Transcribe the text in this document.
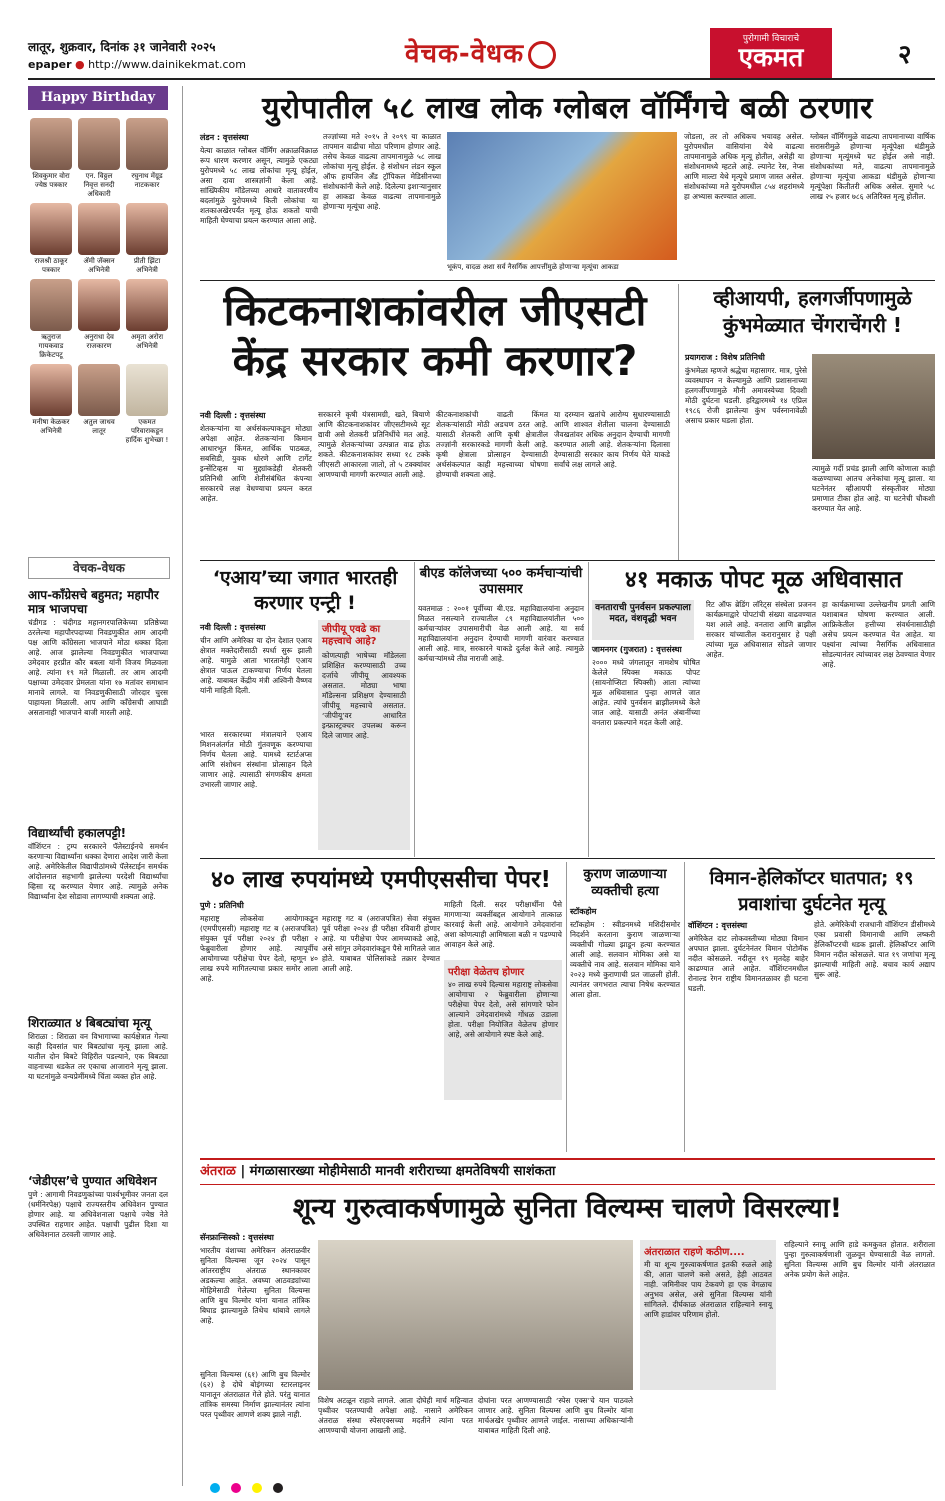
लातूर, शुक्रवार, दिनांक ३१ जानेवारी २०२५
epaper ● http://www.dainikekmat.com	वेचक-वेधक	पुरोगामी विचाराचे
एकमत	२
Happy Birthday
शिवकुमार वोरा
ज्येष्ठ पत्रकार
एन. विठ्ठल
निवृत्त सनदी अधिकारी
रघुनाथ मेंग्रूड
नाटककार
राजश्री ठाकूर
पत्रकार
ॲमी जॅक्सन
अभिनेत्री
प्रीती झिंटा
अभिनेत्री
ऋतुराज गायकवाड
क्रिकेटपटू
अनुराधा देव
राजकारण
अमृता अरोरा
अभिनेत्री
मनीषा केळकर
अभिनेत्री
अतुल जाधव
लातूर
एकमत परिवाराकडून
हार्दिक शुभेच्छा !
वेचक-वेधक
आप-कॉंग्रेसचे बहुमत; महापौर मात्र भाजपचा

चंडीगड : चंदीगड महानगरपालिकेच्या प्रतिष्ठेच्या ठरलेल्या महापौरपदाच्या निवडणुकीत आम आदमी पक्ष आणि काँग्रेसला भाजपाने मोठा धक्का दिला आहे. आज झालेल्या निवडणुकीत भाजपाच्या उमेदवार हरप्रीत कौर बबला यांनी विजय मिळवला आहे. त्यांना १९ मते मिळाली. तर आम आदमी पक्षाच्या उमेदवार प्रेमलता यांना १७ मतांवर समाधान मानावे लागले. या निवडणुकीसाठी जोरदार चुरस पाहायला मिळाली. आप आणि काँग्रेसची आघाडी असतानाही भाजपाने बाजी मारली आहे.

विद्यार्थ्यांची हकालपट्टी!

वॉशिंग्टन : ट्रम्प सरकारने पॅलेस्टाईनचे समर्थन करणाऱ्या विद्यार्थ्यांना धक्का देणारा आदेश जारी केला आहे. अमेरिकेतील विद्यापीठांमध्ये पॅलेस्टाईन समर्थक आंदोलनात सहभागी झालेल्या परदेशी विद्यार्थ्यांचा व्हिसा रद्द करण्यात येणार आहे. त्यामुळे अनेक विद्यार्थ्यांना देश सोडावा लागण्याची शक्यता आहे.

शिराळ्यात ४ बिबट्यांचा मृत्यू

शिराळा : शिराळा वन विभागाच्या कार्यक्षेत्रात गेल्या काही दिवसांत चार बिबट्यांचा मृत्यू झाला आहे. यातील दोन बिबटे विहिरीत पडल्याने, एक बिबट्या वाहनाच्या धडकेत तर एकाचा आजाराने मृत्यू झाला. या घटनांमुळे वन्यप्रेमींमध्ये चिंता व्यक्त होत आहे.

‘जेडीएस’चे पुण्यात अधिवेशन

पुणे : आगामी निवडणुकांच्या पार्श्वभूमीवर जनता दल (धर्मनिरपेक्ष) पक्षाचे राज्यस्तरीय अधिवेशन पुण्यात होणार आहे. या अधिवेशनाला पक्षाचे ज्येष्ठ नेते उपस्थित राहणार आहेत. पक्षाची पुढील दिशा या अधिवेशनात ठरवली जाणार आहे.

युरोपातील ५८ लाख लोक ग्लोबल वॉर्मिंगचे बळी ठरणार
लंडन : वृत्तसंस्था
येत्या काळात ग्लोबल वॉर्मिंग अक्राळविक्राळ रूप धारण करणार असून, त्यामुळे एकट्या युरोपमध्ये ५८ लाख लोकांचा मृत्यू होईल, असा दावा शास्त्रज्ञांनी केला आहे. सांख्यिकीय मॉडेलच्या आधारे वातावरणीय बदलांमुळे युरोपमध्ये किती लोकांचा या शतकाअखेरपर्यंत मृत्यू होऊ शकतो याची माहिती घेण्याचा प्रयत्न करण्यात आला आहे.
तज्ज्ञांच्या मते २०१५ ते २०९९ या काळात तापमान वाढीचा मोठा परिणाम होणार आहे. तसेच केवळ वाढत्या तापमानामुळे ५८ लाख लोकांचा मृत्यू होईल. हे संशोधन लंडन स्कूल ऑफ हायजिन अँड ट्रॉपिकल मेडिसीनच्या संशोधकांनी केले आहे. दिलेल्या इशाऱ्यानुसार हा आकडा केवळ वाढत्या तापमानामुळे होणाऱ्या मृत्यूंचा आहे.
भूकंप, वादळ अशा सर्व नैसर्गिक आपत्तींमुळे होणाऱ्या मृत्यूंचा आकडा
जोडला, तर तो अधिकच भयावह असेल. युरोपमधील वासियांना येथे वाढत्या तापमानामुळे अधिक मृत्यू होतील, असेही या संशोधनामध्ये म्हटले आहे. ल्यानेट रेस, नेप्स आणि माल्टा येथे मृत्यूचे प्रमाण जास्त असेल. संशोधकांच्या मते युरोपमधील ८५४ शहरांमध्ये हा अभ्यास करण्यात आला.
ग्लोबल वॉर्मिंगमुळे वाढत्या तापमानाच्या वार्षिक सरासरीमुळे होणाऱ्या मृत्यूंपेक्षा थंडीमुळे होणाऱ्या मृत्यूंमध्ये घट होईल असे नाही. संशोधकांच्या मते, वाढत्या तापमानामुळे होणाऱ्या मृत्यूंचा आकडा थंडीमुळे होणाऱ्या मृत्यूंपेक्षा कितीतरी अधिक असेल. सुमारे ५८ लाख २५ हजार ७८६ अतिरिक्त मृत्यू होतील.
किटकनाशकांवरील जीएसटी केंद्र सरकार कमी करणार?
नवी दिल्ली : वृत्तसंस्था
शेतकऱ्यांना या अर्थसंकल्पाकडून मोठ्या अपेक्षा आहेत. शेतकऱ्यांना किमान आधारभूत किंमत, आर्थिक पाठबळ, सबसिडी, युवक धोरणे आणि टार्गेट इन्सेंटिव्हस या मुद्द्यांकडेही शेतकरी प्रतिनिधी आणि शेतीसंबंधित कंपन्या सरकारचे लक्ष वेधण्याचा प्रयत्न करत आहेत.
सरकारने कृषी यंत्रसामग्री, खते, बियाणे आणि कीटकनाशकांवर जीएसटीमध्ये सूट द्यावी असे शेतकरी प्रतिनिधींचे मत आहे. त्यामुळे शेतकऱ्यांच्या उत्पन्नात वाढ होऊ शकते. कीटकनाशकांवर सध्या १८ टक्के जीएसटी आकारला जातो, तो ५ टक्क्यांवर आणण्याची मागणी करण्यात आली आहे.
कीटकनाशकांची वाढती किंमत शेतकऱ्यांसाठी मोठी अडचण ठरत आहे. यासाठी शेतकरी आणि कृषी क्षेत्रातील तज्ज्ञांनी सरकारकडे मागणी केली आहे. कृषी क्षेत्राला प्रोत्साहन देण्यासाठी अर्थसंकल्पात काही महत्त्वाच्या घोषणा होण्याची शक्यता आहे.
या दरम्यान खतांचे आरोग्य सुधारण्यासाठी आणि शाश्वत शेतीला चालना देण्यासाठी जैवखतांवर अधिक अनुदान देण्याची मागणी करण्यात आली आहे. शेतकऱ्यांना दिलासा देण्यासाठी सरकार काय निर्णय घेते याकडे सर्वांचे लक्ष लागले आहे.
व्हीआयपी, हलगर्जीपणामुळे कुंभमेळ्यात चेंगराचेंगरी !
प्रयागराज : विशेष प्रतिनिधी
कुंभमेळा म्हणजे श्रद्धेचा महासागर. मात्र, पुरेसे व्यवस्थापन न केल्यामुळे आणि प्रशासनाच्या हलगर्जीपणामुळे मौनी अमावस्येच्या दिवशी मोठी दुर्घटना घडली. हरिद्वारमध्ये १४ एप्रिल १९८६ रोजी झालेल्या कुंभ पर्वस्नानावेळी असाच प्रकार घडला होता.
त्यामुळे गर्दी प्रचंड झाली आणि कोणाला काही कळण्याच्या आतच अनेकांचा मृत्यू झाला. या घटनेनंतर व्हीआयपी संस्कृतीवर मोठ्या प्रमाणात टीका होत आहे. या घटनेची चौकशी करण्यात येत आहे.
‘एआय’च्या जगात भारतही करणार एन्ट्री !
नवी दिल्ली : वृत्तसंस्था	जीपीयू एवढे का महत्त्वाचे आहे?
कोणत्याही भाषेच्या मॉडेलला प्रशिक्षित करण्यासाठी उच्च दर्जाचे जीपीयू आवश्यक असतात. मोठ्या भाषा मॉडेल्सना प्रशिक्षण देण्यासाठी जीपीयू महत्त्वाचे असतात. ‘जीपीयू’वर आधारित इन्फ्रास्ट्रक्चर उपलब्ध करून दिले जाणार आहे.
चीन आणि अमेरिका या दोन देशात एआय क्षेत्रात मक्तेदारीसाठी स्पर्धा सुरू झाली आहे. यामुळे आता भारतानेही एआय क्षेत्रात पाऊल टाकण्याचा निर्णय घेतला आहे. याबाबत केंद्रीय मंत्री अश्विनी वैष्णव यांनी माहिती दिली.
भारत सरकारच्या मंत्रालयाने एआय मिशनअंतर्गत मोठी गुंतवणूक करण्याचा निर्णय घेतला आहे. यामध्ये स्टार्टअप्स आणि संशोधन संस्थांना प्रोत्साहन दिले जाणार आहे. त्यासाठी संगणकीय क्षमता उभारली जाणार आहे.
बीएड कॉलेजच्या ५०० कर्मचाऱ्यांची उपासमार
यवतमाळ : २००१ पूर्वीच्या बी.एड. महाविद्यालयांना अनुदान मिळत नसल्याने राज्यातील ८९ महाविद्यालयांतील ५०० कर्मचाऱ्यांवर उपासमारीची वेळ आली आहे. या सर्व महाविद्यालयांना अनुदान देण्याची मागणी वारंवार करण्यात आली आहे. मात्र, सरकारने याकडे दुर्लक्ष केले आहे. त्यामुळे कर्मचाऱ्यांमध्ये तीव्र नाराजी आहे.
४१ मकाऊ पोपट मूळ अधिवासात
वनताराची पुनर्वसन प्रकल्पाला मदत, वंशवृद्धी भवन
जामनगर (गुजरात) : वृत्तसंस्था
२००० मध्ये जंगलातून नामशेष घोषित केलेले स्पिक्स मकाऊ पोपट (सायनोप्सिटा स्पिक्सी) आता त्यांच्या मूळ अधिवासात पुन्हा आणले जात आहेत. त्यांचे पुनर्वसन ब्राझीलमध्ये केले जात आहे. यासाठी अनंत अंबानींच्या वनतारा प्रकल्पाने मदत केली आहे.
रिट ऑफ ब्रेडिंग लॉरेट्स संस्थेला प्रजनन कार्यक्रमाद्वारे पोपटांची संख्या वाढवण्यात यश आले आहे. वनतारा आणि ब्राझील सरकार यांच्यातील करारानुसार हे पक्षी त्यांच्या मूळ अधिवासात सोडले जाणार आहेत.
हा कार्यक्रमाच्या उल्लेखनीय प्रगती आणि यशाबाबत घोषणा करण्यात आली. आफ्रिकेतील हत्तीच्या संवर्धनासाठीही असेच प्रयत्न करण्यात येत आहेत. या पक्ष्यांना त्यांच्या नैसर्गिक अधिवासात सोडल्यानंतर त्यांच्यावर लक्ष ठेवण्यात येणार आहे.
४० लाख रुपयांमध्ये एमपीएससीचा पेपर!
पुणे : प्रतिनिधी
महाराष्ट्र लोकसेवा आयोगाकडून (एमपीएससी) महाराष्ट्र गट ब (अराजपत्रित) संयुक्त पूर्व परीक्षा २०२४ ही परीक्षा २ फेब्रुवारीला होणार आहे. त्यापूर्वीच आयोगाच्या परीक्षेचा पेपर देतो, म्हणून ४० लाख रुपये मागितल्याचा प्रकार समोर आला आहे.
महाराष्ट्र गट ब (अराजपत्रित) सेवा संयुक्त पूर्व परीक्षा २०२४ ही परीक्षा रविवारी होणार आहे. या परीक्षेचा पेपर आमच्याकडे आहे, असे सांगून उमेदवारांकडून पैसे मागितले जात होते. याबाबत पोलिसांकडे तक्रार देण्यात आली आहे.
माहिती दिली. सदर परीक्षार्थींना पैसे मागणाऱ्या व्यक्तींबद्दल आयोगाने तात्काळ कारवाई केली आहे. आयोगाने उमेदवारांना अशा कोणत्याही आमिषाला बळी न पडण्याचे आवाहन केले आहे.
परीक्षा वेळेतच होणार
४० लाख रुपये दिल्यास महाराष्ट्र लोकसेवा आयोगाचा २ फेब्रुवारीला होणाऱ्या परीक्षेचा पेपर देतो, असे सांगणारे फोन आल्याने उमेदवारांमध्ये गोंधळ उडाला होता. परीक्षा नियोजित वेळेतच होणार आहे, असे आयोगाने स्पष्ट केले आहे.
कुराण जाळणाऱ्या व्यक्तीची हत्या
स्टॉकहोम
स्टॉकहोम : स्वीडनमध्ये मशिदीसमोर निदर्शने करताना कुराण जाळणाऱ्या व्यक्तीची गोळ्या झाडून हत्या करण्यात आली आहे. सलवान मोमिका असे या व्यक्तीचे नाव आहे. सलवान मोमिका याने २०२३ मध्ये कुराणाची प्रत जाळली होती. त्यानंतर जगभरात त्याचा निषेध करण्यात आला होता.
विमान-हेलिकॉप्टर घातपात; १९ प्रवाशांचा दुर्घटनेत मृत्यू
वॉशिंग्टन : वृत्तसंस्था
अमेरिकेत दाट लोकवस्तीच्या मोठ्या विमान अपघात झाला. दुर्घटनेनंतर विमान पोटोमॅक नदीत कोसळले. नदीतून १९ मृतदेह बाहेर काढण्यात आले आहेत. वॉशिंग्टनमधील रोनाल्ड रेगन राष्ट्रीय विमानतळावर ही घटना घडली.
होते. अमेरिकेची राजधानी वॉशिंग्टन डीसीमध्ये एका प्रवासी विमानाची आणि लष्करी हेलिकॉप्टरची धडक झाली. हेलिकॉप्टर आणि विमान नदीत कोसळले. यात १९ जणांचा मृत्यू झाल्याची माहिती आहे. बचाव कार्य अद्याप सुरू आहे.
अंतराळ | मंगळासारख्या मोहीमेसाठी मानवी शरीराच्या क्षमतेविषयी साशंकता
शून्य गुरुत्वाकर्षणामुळे सुनिता विल्यम्स चालणे विसरल्या!
सॅनफ्रान्सिस्को : वृत्तसंस्था
भारतीय वंशाच्या अमेरिकन अंतराळवीर सुनिता विल्यम्स जून २०२४ पासून आंतरराष्ट्रीय अंतराळ स्थानकावर अडकल्या आहेत. अवघ्या आठवड्यांच्या मोहिमेसाठी गेलेल्या सुनिता विल्यम्स आणि बुच विल्मोर यांना यानात तांत्रिक बिघाड झाल्यामुळे तिथेच थांबावे लागले आहे.
सुनिता विल्यम्स (६१) आणि बुच विल्मोर (६२) हे दोघे बोइंगच्या स्टारलाइनर यानातून अंतराळात गेले होते. परंतु यानात तांत्रिक समस्या निर्माण झाल्यानंतर त्यांना परत पृथ्वीवर आणणे शक्य झाले नाही.
अंतराळात राहणे कठीण....
मी या शून्य गुरुत्वाकर्षणात इतकी रुळले आहे की, आता चालणे कसे असते, हेही आठवत नाही. जमिनीवर पाय टेकवणे हा एक वेगळाच अनुभव असेल, असे सुनिता विल्यम्स यांनी सांगितले. दीर्घकाळ अंतराळात राहिल्याने स्नायू आणि हाडांवर परिणाम होतो.
विशेष अटळून राहावे लागले. आता दोघेही मार्च महिन्यात पृथ्वीवर परतण्याची अपेक्षा आहे. नासाने अमेरिकन अंतराळ संस्था स्पेसएक्सच्या मदतीने त्यांना परत आणण्याची योजना आखली आहे.
दोघांना परत आणण्यासाठी ‘स्पेस एक्स’चे यान पाठवले जाणार आहे. सुनिता विल्यम्स आणि बुच विल्मोर यांना मार्चअखेर पृथ्वीवर आणले जाईल. नासाच्या अधिकाऱ्यांनी याबाबत माहिती दिली आहे.
राहिल्याने स्नायू आणि हाडे कमकुवत होतात. शरीराला पुन्हा गुरुत्वाकर्षणाशी जुळवून घेण्यासाठी वेळ लागतो. सुनिता विल्यम्स आणि बुच विल्मोर यांनी अंतराळात अनेक प्रयोग केले आहेत.
